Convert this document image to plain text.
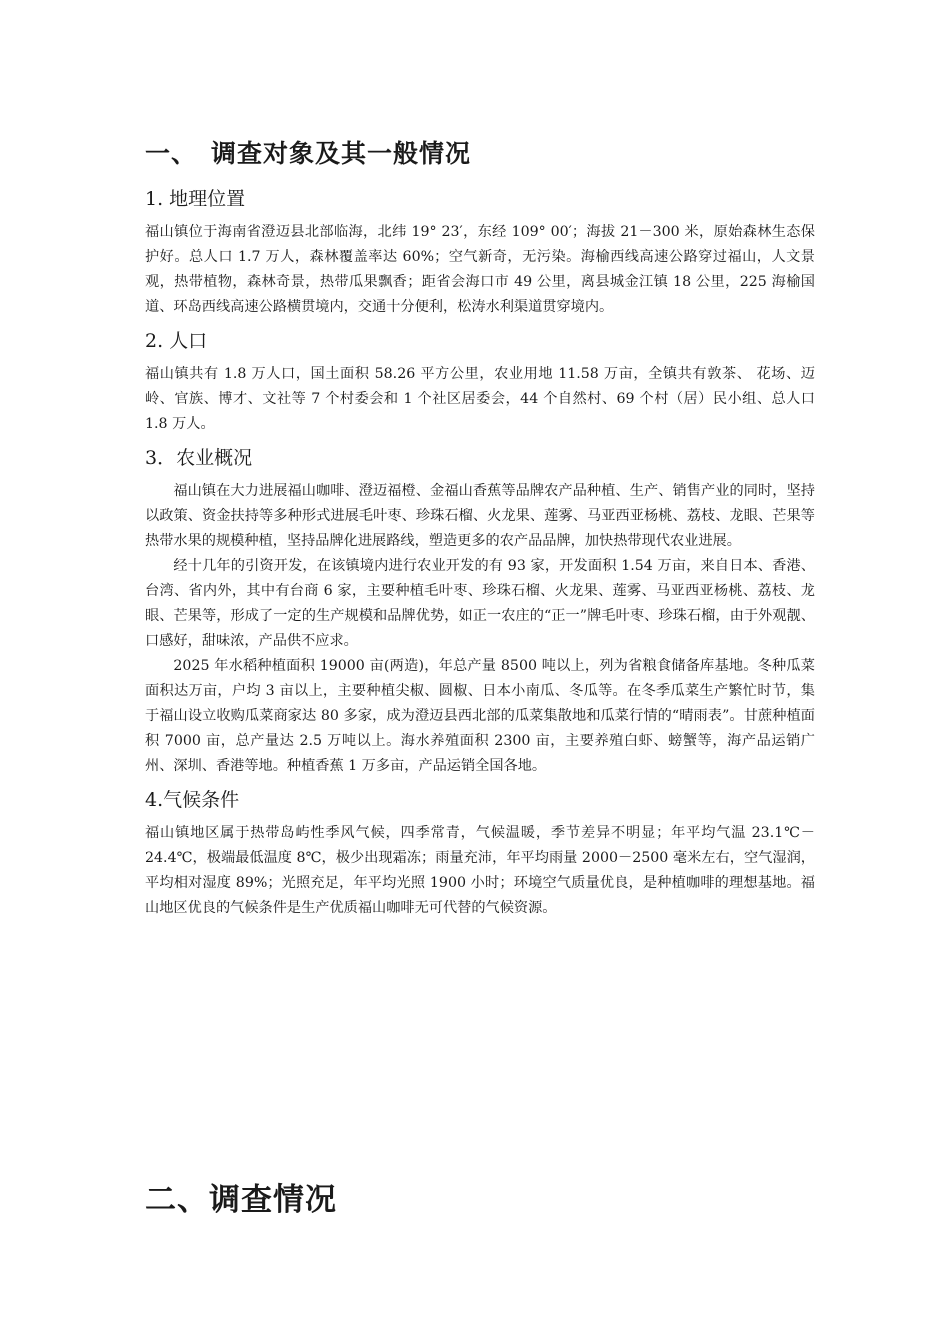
一、 调查对象及其一般情况
1. 地理位置

福山镇位于海南省澄迈县北部临海，北纬 19° 23′，东经 109° 00′；海拔 21－300 米，原始森林生态保护好。总人口 1.7 万人，森林覆盖率达 60%；空气新奇，无污染。海榆西线高速公路穿过福山，人文景观，热带植物，森林奇景，热带瓜果飘香；距省会海口市 49 公里，离县城金江镇 18 公里，225 海榆国道、环岛西线高速公路横贯境内，交通十分便利，松涛水利渠道贯穿境内。

2. 人口

福山镇共有 1.8 万人口，国土面积 58.26 平方公里，农业用地 11.58 万亩，全镇共有敦茶、 花场、迈岭、官族、博才、文社等 7 个村委会和 1 个社区居委会，44 个自然村、69 个村（居）民小组、总人口 1.8 万人。

3．农业概况

福山镇在大力进展福山咖啡、澄迈福橙、金福山香蕉等品牌农产品种植、生产、销售产业的同时，坚持以政策、资金扶持等多种形式进展毛叶枣、珍珠石榴、火龙果、莲雾、马亚西亚杨桃、荔枝、龙眼、芒果等热带水果的规模种植，坚持品牌化进展路线，塑造更多的农产品品牌，加快热带现代农业进展。

经十几年的引资开发，在该镇境内进行农业开发的有 93 家，开发面积 1.54 万亩，来自日本、香港、台湾、省内外，其中有台商 6 家，主要种植毛叶枣、珍珠石榴、火龙果、莲雾、马亚西亚杨桃、荔枝、龙眼、芒果等，形成了一定的生产规模和品牌优势，如正一农庄的“正一”牌毛叶枣、珍珠石榴，由于外观靓、口感好，甜味浓，产品供不应求。

2025 年水稻种植面积 19000 亩(两造)，年总产量 8500 吨以上，列为省粮食储备库基地。冬种瓜菜面积达万亩，户均 3 亩以上，主要种植尖椒、圆椒、日本小南瓜、冬瓜等。在冬季瓜菜生产繁忙时节，集于福山设立收购瓜菜商家达 80 多家，成为澄迈县西北部的瓜菜集散地和瓜菜行情的“晴雨表”。甘蔗种植面积 7000 亩，总产量达 2.5 万吨以上。海水养殖面积 2300 亩，主要养殖白虾、螃蟹等，海产品运销广州、深圳、香港等地。种植香蕉 1 万多亩，产品运销全国各地。

4.气候条件

福山镇地区属于热带岛屿性季风气候，四季常青，气候温暖，季节差异不明显；年平均气温 23.1℃－24.4℃，极端最低温度 8℃，极少出现霜冻；雨量充沛，年平均雨量 2000－2500 毫米左右，空气湿润，平均相对湿度 89%；光照充足，年平均光照 1900 小时；环境空气质量优良，是种植咖啡的理想基地。福山地区优良的气候条件是生产优质福山咖啡无可代替的气候资源。

二、调查情况
